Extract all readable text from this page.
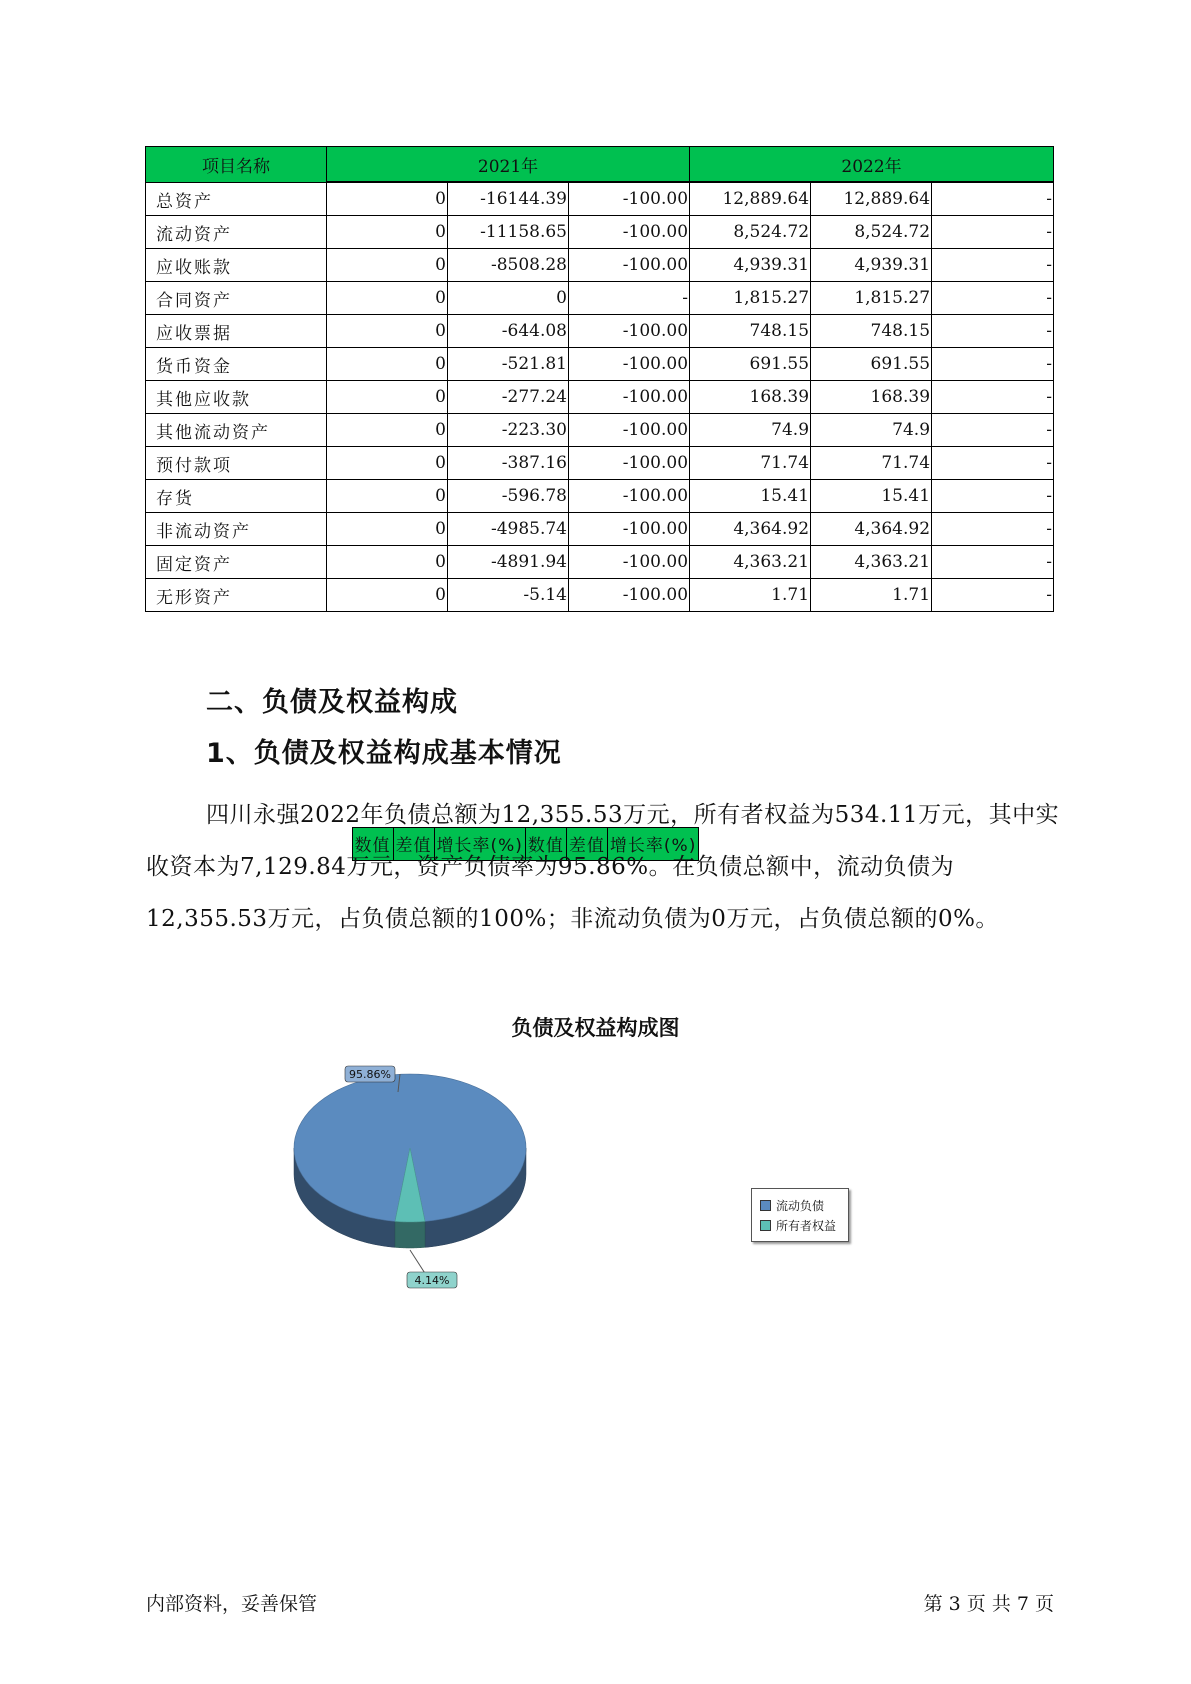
项目名称	2021年	2022年

数值	差值	增长率(%)	数值	差值	增长率(%)
总资产	0	-16144.39	-100.00	12,889.64	12,889.64	-
流动资产	0	-11158.65	-100.00	8,524.72	8,524.72	-
应收账款	0	-8508.28	-100.00	4,939.31	4,939.31	-
合同资产	0	0	-	1,815.27	1,815.27	-
应收票据	0	-644.08	-100.00	748.15	748.15	-
货币资金	0	-521.81	-100.00	691.55	691.55	-
其他应收款	0	-277.24	-100.00	168.39	168.39	-
其他流动资产	0	-223.30	-100.00	74.9	74.9	-
预付款项	0	-387.16	-100.00	71.74	71.74	-
存货	0	-596.78	-100.00	15.41	15.41	-
非流动资产	0	-4985.74	-100.00	4,364.92	4,364.92	-
固定资产	0	-4891.94	-100.00	4,363.21	4,363.21	-
无形资产	0	-5.14	-100.00	1.71	1.71	-
二、负债及权益构成
1、负债及权益构成基本情况
四川永强2022年负债总额为12,355.53万元，所有者权益为534.11万元，其中实收资本为7,129.84万元，资产负债率为95.86%。在负债总额中，流动负债为12,355.53万元，占负债总额的100%；非流动负债为0万元，占负债总额的0%。
负债及权益构成图
95.86%
4.14%
流动负债
所有者权益
内部资料，妥善保管	第 3 页 共 7 页
